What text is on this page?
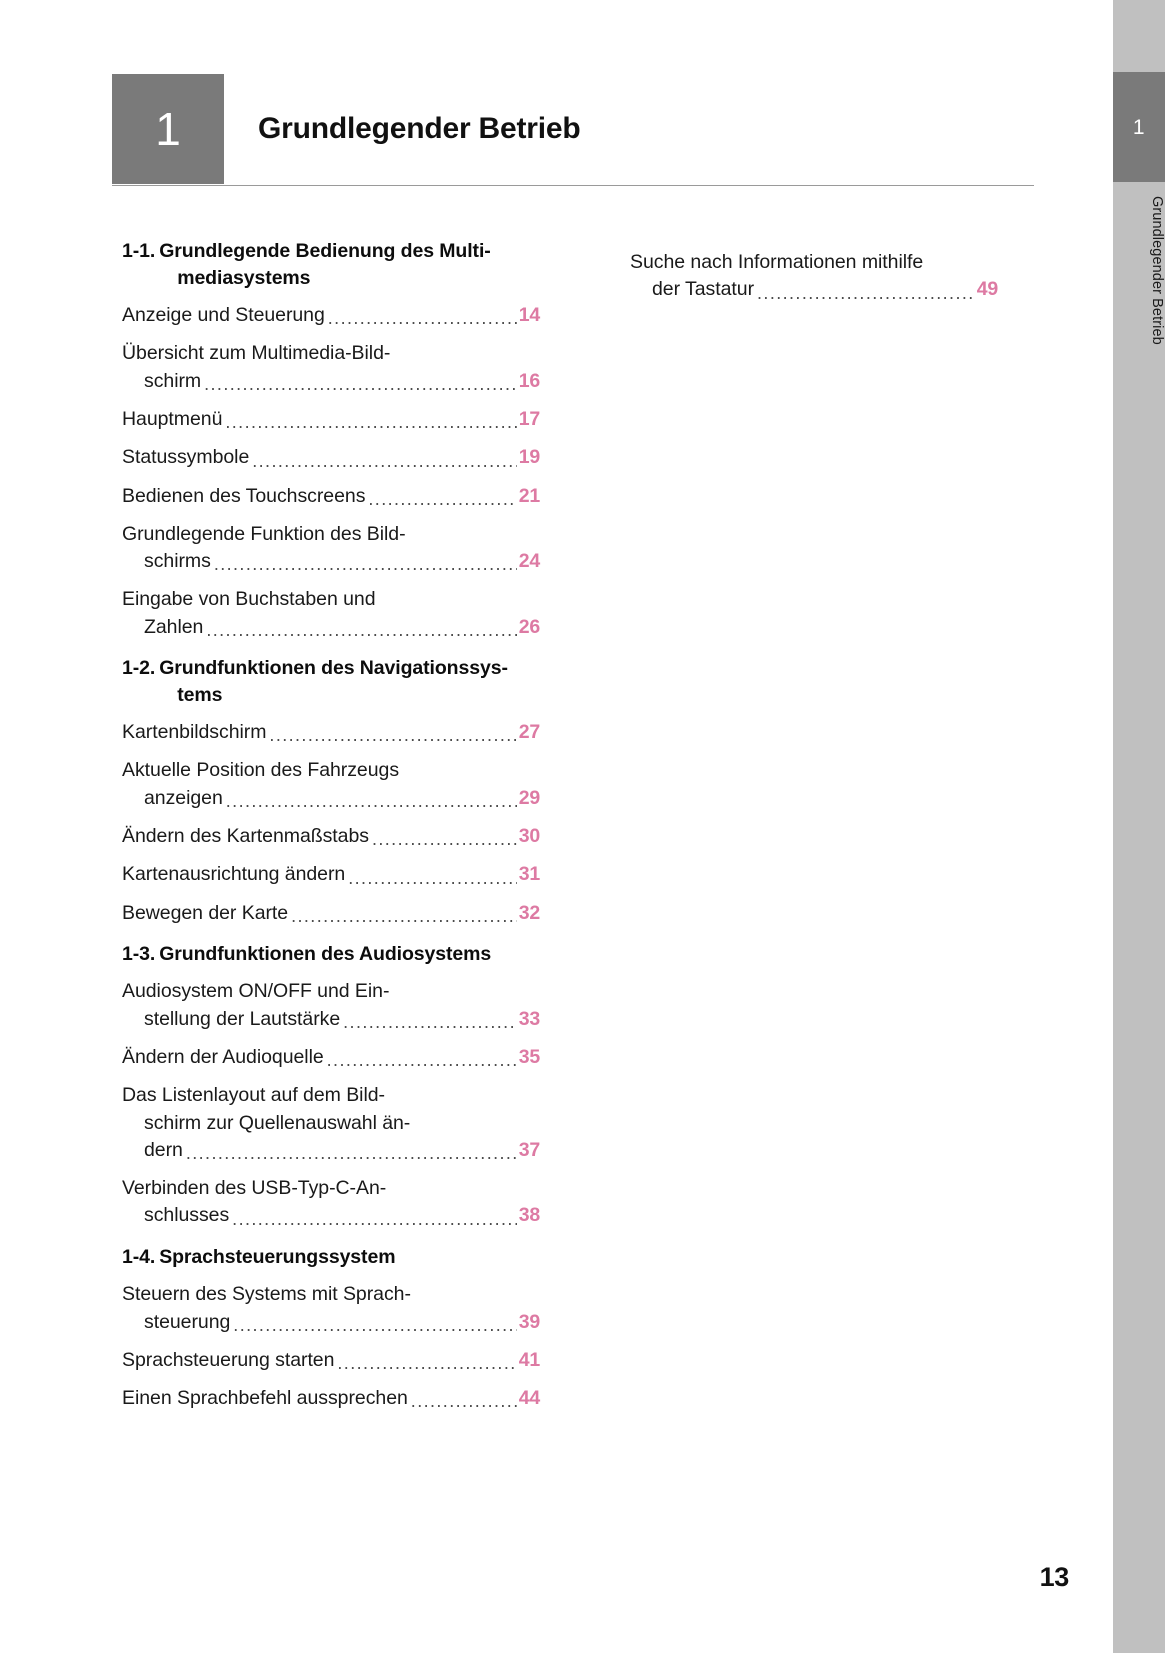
1	Grundlegender Betrieb
1-1. Grundlegende Bedienung des Multi-
mediasystems
Anzeige und Steuerung .....	14
Übersicht zum Multimedia-Bild-
schirm .....	16
Hauptmenü .....	17
Statussymbole .....	19
Bedienen des Touchscreens .....	21
Grundlegende Funktion des Bild-
schirms .....	24
Eingabe von Buchstaben und
Zahlen .....	26
1-2. Grundfunktionen des Navigationssys-
tems
Kartenbildschirm .....	27
Aktuelle Position des Fahrzeugs
anzeigen .....	29
Ändern des Kartenmaßstabs .....	30
Kartenausrichtung ändern .....	31
Bewegen der Karte .....	32
1-3. Grundfunktionen des Audiosystems
Audiosystem ON/OFF und Ein-
stellung der Lautstärke .....	33
Ändern der Audioquelle .....	35
Das Listenlayout auf dem Bild-
schirm zur Quellenauswahl än-
dern .....	37
Verbinden des USB-Typ-C-An-
schlusses .....	38
1-4. Sprachsteuerungssystem
Steuern des Systems mit Sprach-
steuerung .....	39
Sprachsteuerung starten .....	41
Einen Sprachbefehl aussprechen .....	44
Suche nach Informationen mithilfe
der Tastatur .....	49
1
Grundlegender Betrieb
13
